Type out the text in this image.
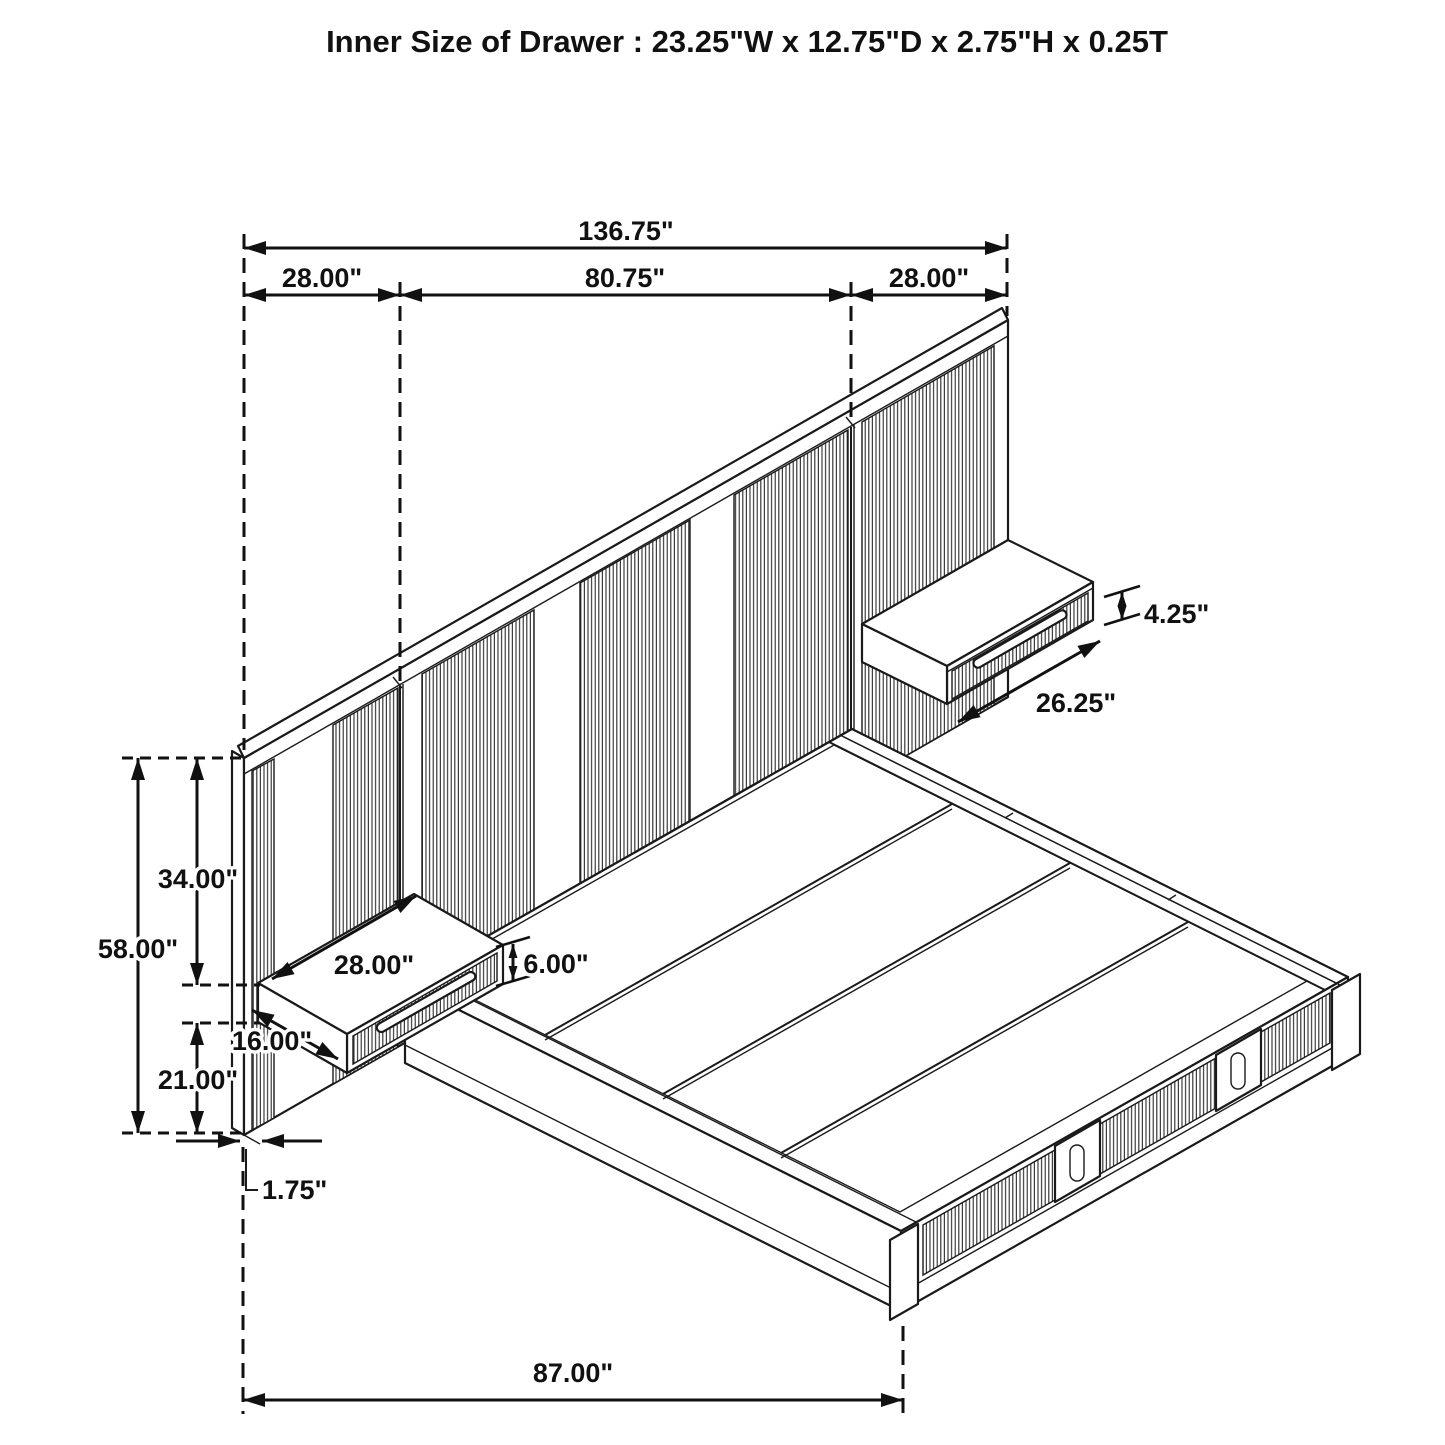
136.75"
28.00"	80.75"	28.00"
58.00"
34.00"
21.00"
16.00"
28.00"	6.00"
4.25"
26.25"
1.75"
87.00"
Inner Size of Drawer : 23.25"W x 12.75"D x 2.75"H x 0.25T
